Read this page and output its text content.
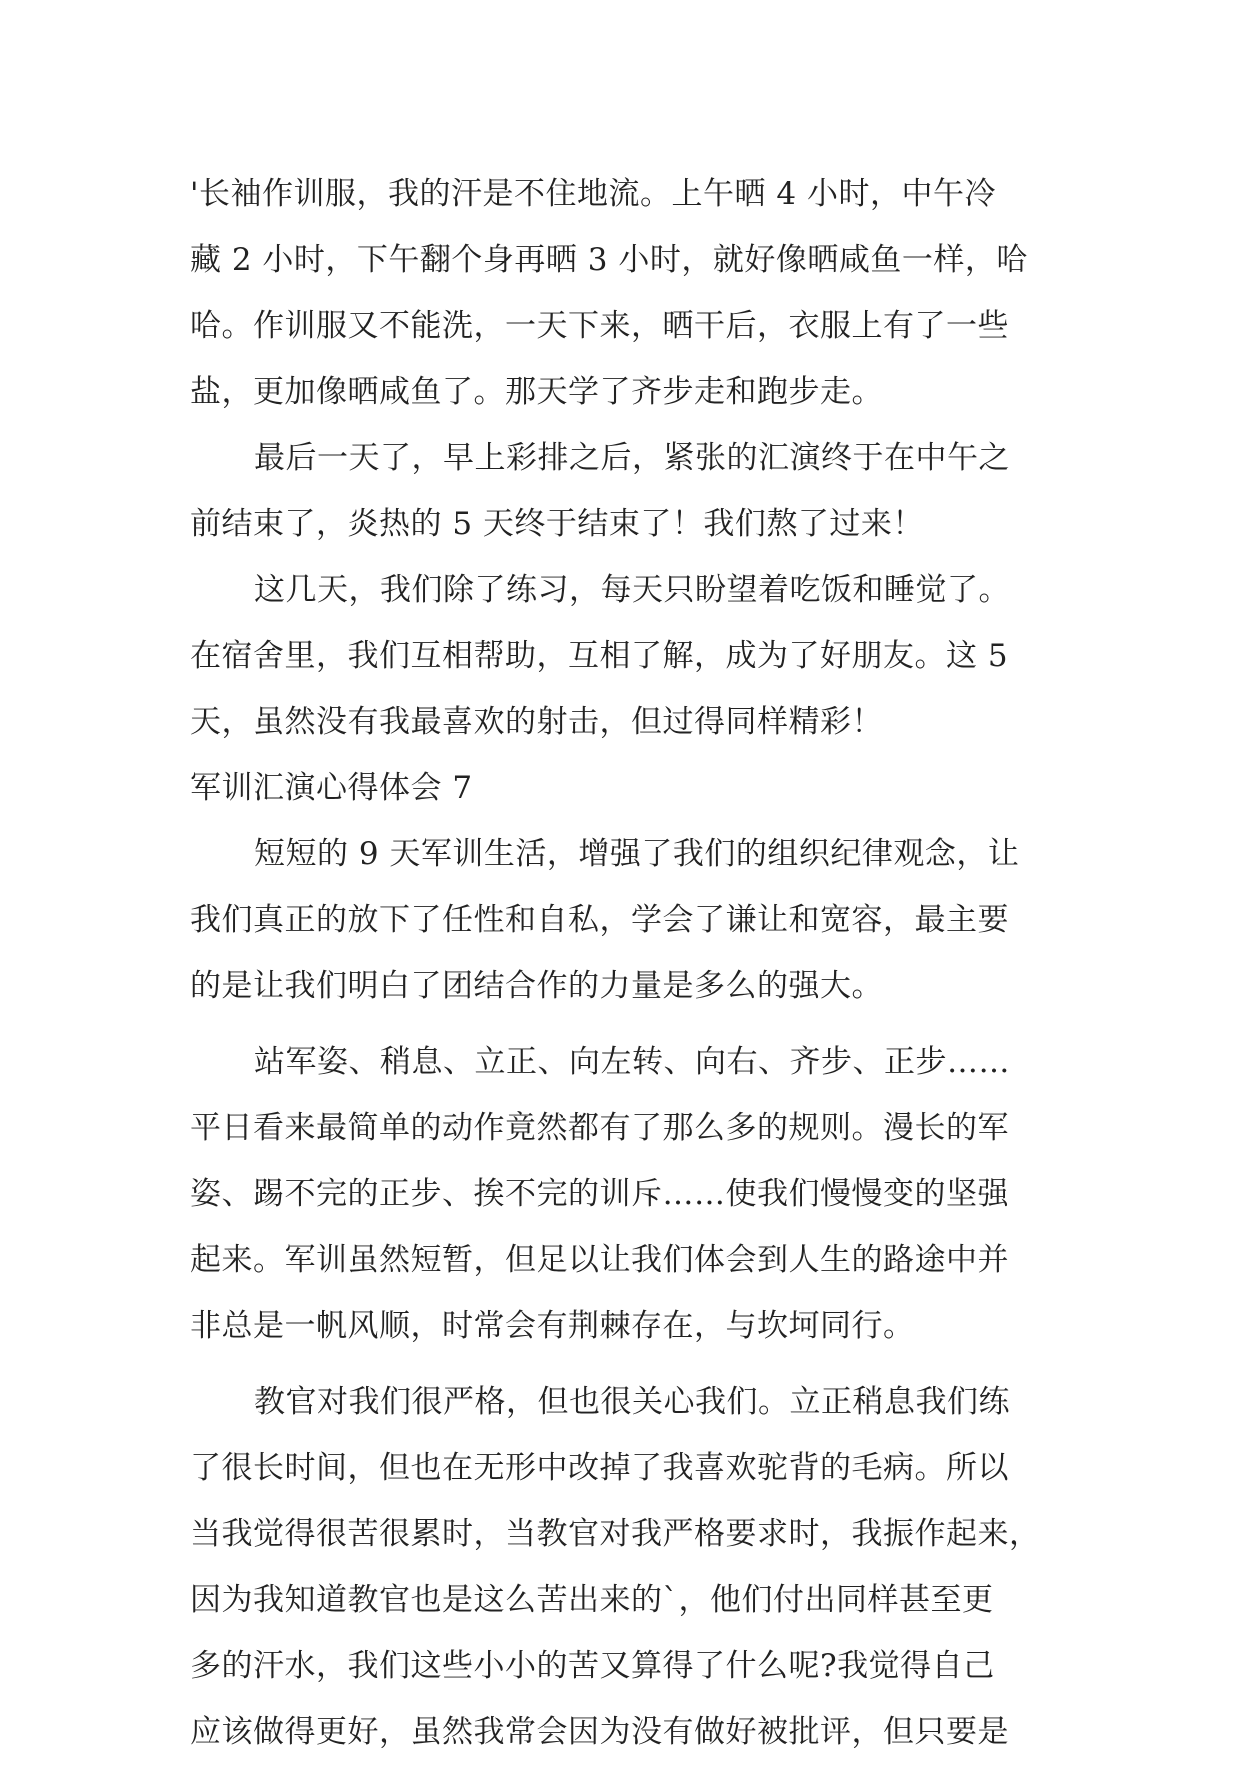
'长袖作训服，我的汗是不住地流。上午晒 4 小时，中午冷

藏 2 小时，下午翻个身再晒 3 小时，就好像晒咸鱼一样，哈

哈。作训服又不能洗，一天下来，晒干后，衣服上有了一些

盐，更加像晒咸鱼了。那天学了齐步走和跑步走。

最后一天了，早上彩排之后，紧张的汇演终于在中午之

前结束了，炎热的 5 天终于结束了！我们熬了过来！

这几天，我们除了练习，每天只盼望着吃饭和睡觉了。

在宿舍里，我们互相帮助，互相了解，成为了好朋友。这 5

天，虽然没有我最喜欢的射击，但过得同样精彩！

军训汇演心得体会 7

短短的 9 天军训生活，增强了我们的组织纪律观念，让

我们真正的放下了任性和自私，学会了谦让和宽容，最主要

的是让我们明白了团结合作的力量是多么的强大。

站军姿、稍息、立正、向左转、向右、齐步、正步……

平日看来最简单的动作竟然都有了那么多的规则。漫长的军

姿、踢不完的正步、挨不完的训斥……使我们慢慢变的坚强

起来。军训虽然短暂，但足以让我们体会到人生的路途中并

非总是一帆风顺，时常会有荆棘存在，与坎坷同行。

教官对我们很严格，但也很关心我们。立正稍息我们练

了很长时间，但也在无形中改掉了我喜欢驼背的毛病。所以

当我觉得很苦很累时，当教官对我严格要求时，我振作起来，

因为我知道教官也是这么苦出来的`，他们付出同样甚至更

多的汗水，我们这些小小的苦又算得了什么呢?我觉得自己

应该做得更好，虽然我常会因为没有做好被批评，但只要是
